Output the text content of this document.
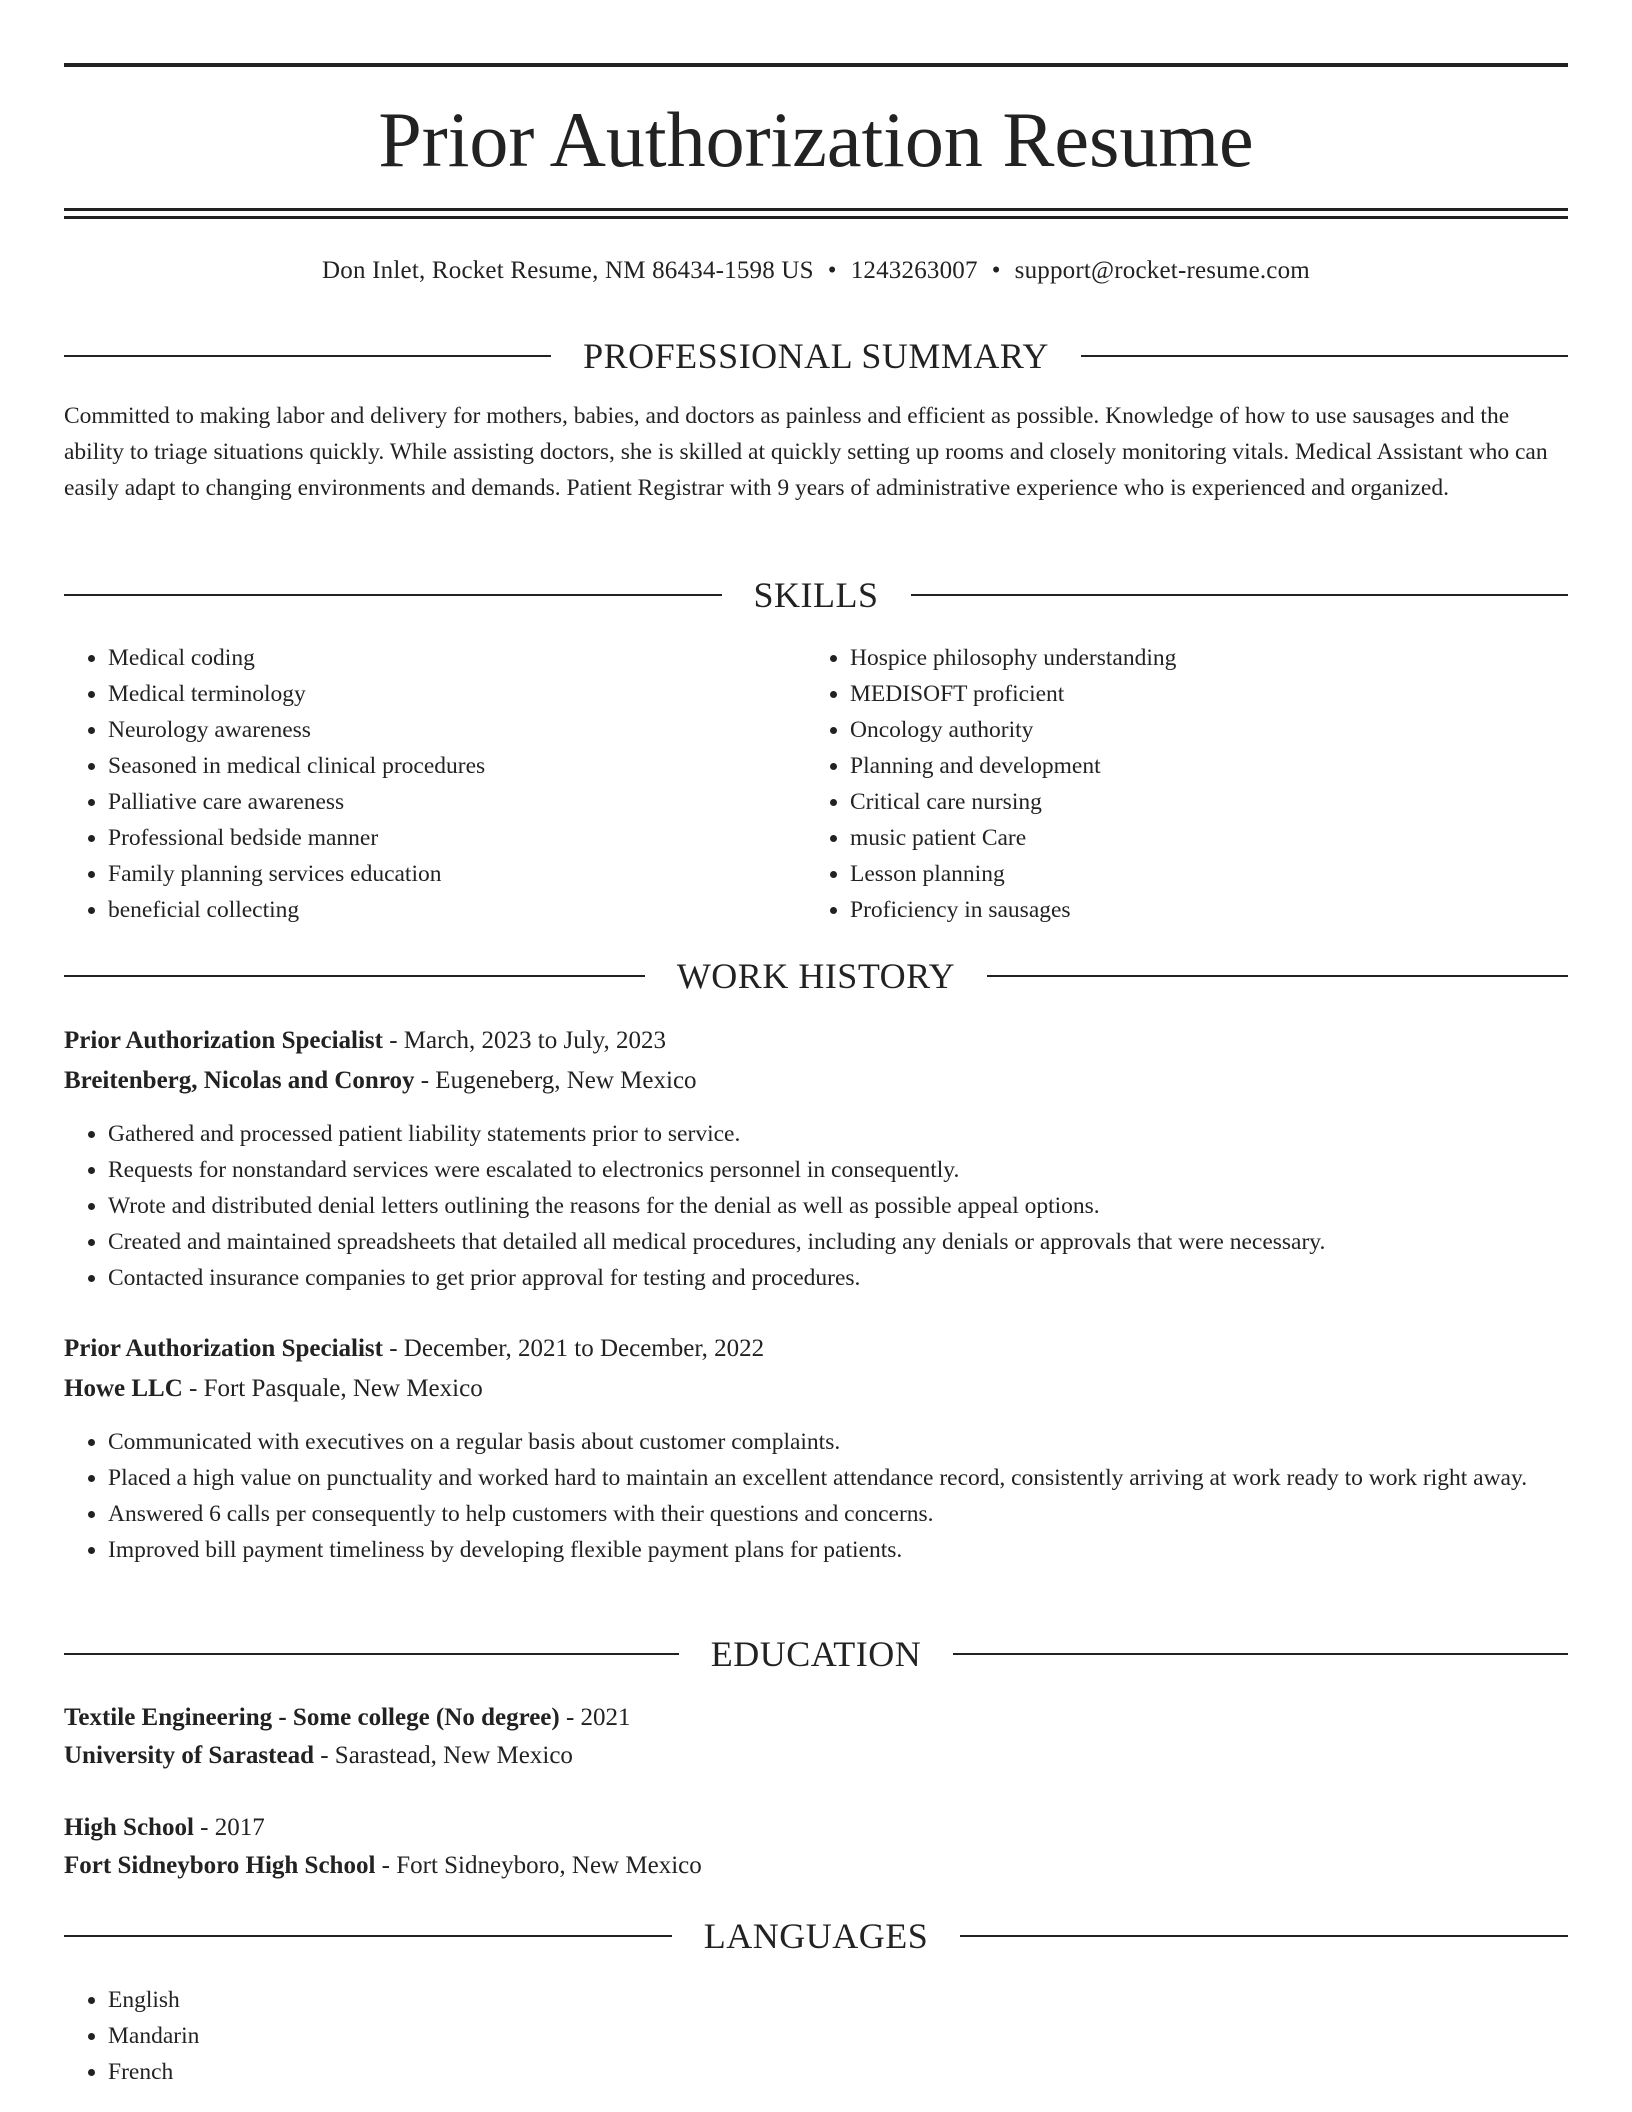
Prior Authorization Resume
Don Inlet, Rocket Resume, NM 86434-1598 US • 1243263007 • support@rocket-resume.com
PROFESSIONAL SUMMARY

Committed to making labor and delivery for mothers, babies, and doctors as painless and efficient as possible. Knowledge of how to use sausages and the ability to triage situations quickly. While assisting doctors, she is skilled at quickly setting up rooms and closely monitoring vitals. Medical Assistant who can easily adapt to changing environments and demands. Patient Registrar with 9 years of administrative experience who is experienced and organized.

SKILLS
• Medical coding
• Medical terminology
• Neurology awareness
• Seasoned in medical clinical procedures
• Palliative care awareness
• Professional bedside manner
• Family planning services education
• beneficial collecting
• Hospice philosophy understanding
• MEDISOFT proficient
• Oncology authority
• Planning and development
• Critical care nursing
• music patient Care
• Lesson planning
• Proficiency in sausages
WORK HISTORY

Prior Authorization Specialist - March, 2023 to July, 2023

Breitenberg, Nicolas and Conroy - Eugeneberg, New Mexico

• Gathered and processed patient liability statements prior to service.
• Requests for nonstandard services were escalated to electronics personnel in consequently.
• Wrote and distributed denial letters outlining the reasons for the denial as well as possible appeal options.
• Created and maintained spreadsheets that detailed all medical procedures, including any denials or approvals that were necessary.
• Contacted insurance companies to get prior approval for testing and procedures.

Prior Authorization Specialist - December, 2021 to December, 2022

Howe LLC - Fort Pasquale, New Mexico

• Communicated with executives on a regular basis about customer complaints.
• Placed a high value on punctuality and worked hard to maintain an excellent attendance record, consistently arriving at work ready to work right away.
• Answered 6 calls per consequently to help customers with their questions and concerns.
• Improved bill payment timeliness by developing flexible payment plans for patients.
EDUCATION

Textile Engineering - Some college (No degree) - 2021

University of Sarastead - Sarastead, New Mexico

High School - 2017

Fort Sidneyboro High School - Fort Sidneyboro, New Mexico

LANGUAGES
• English
• Mandarin
• French
